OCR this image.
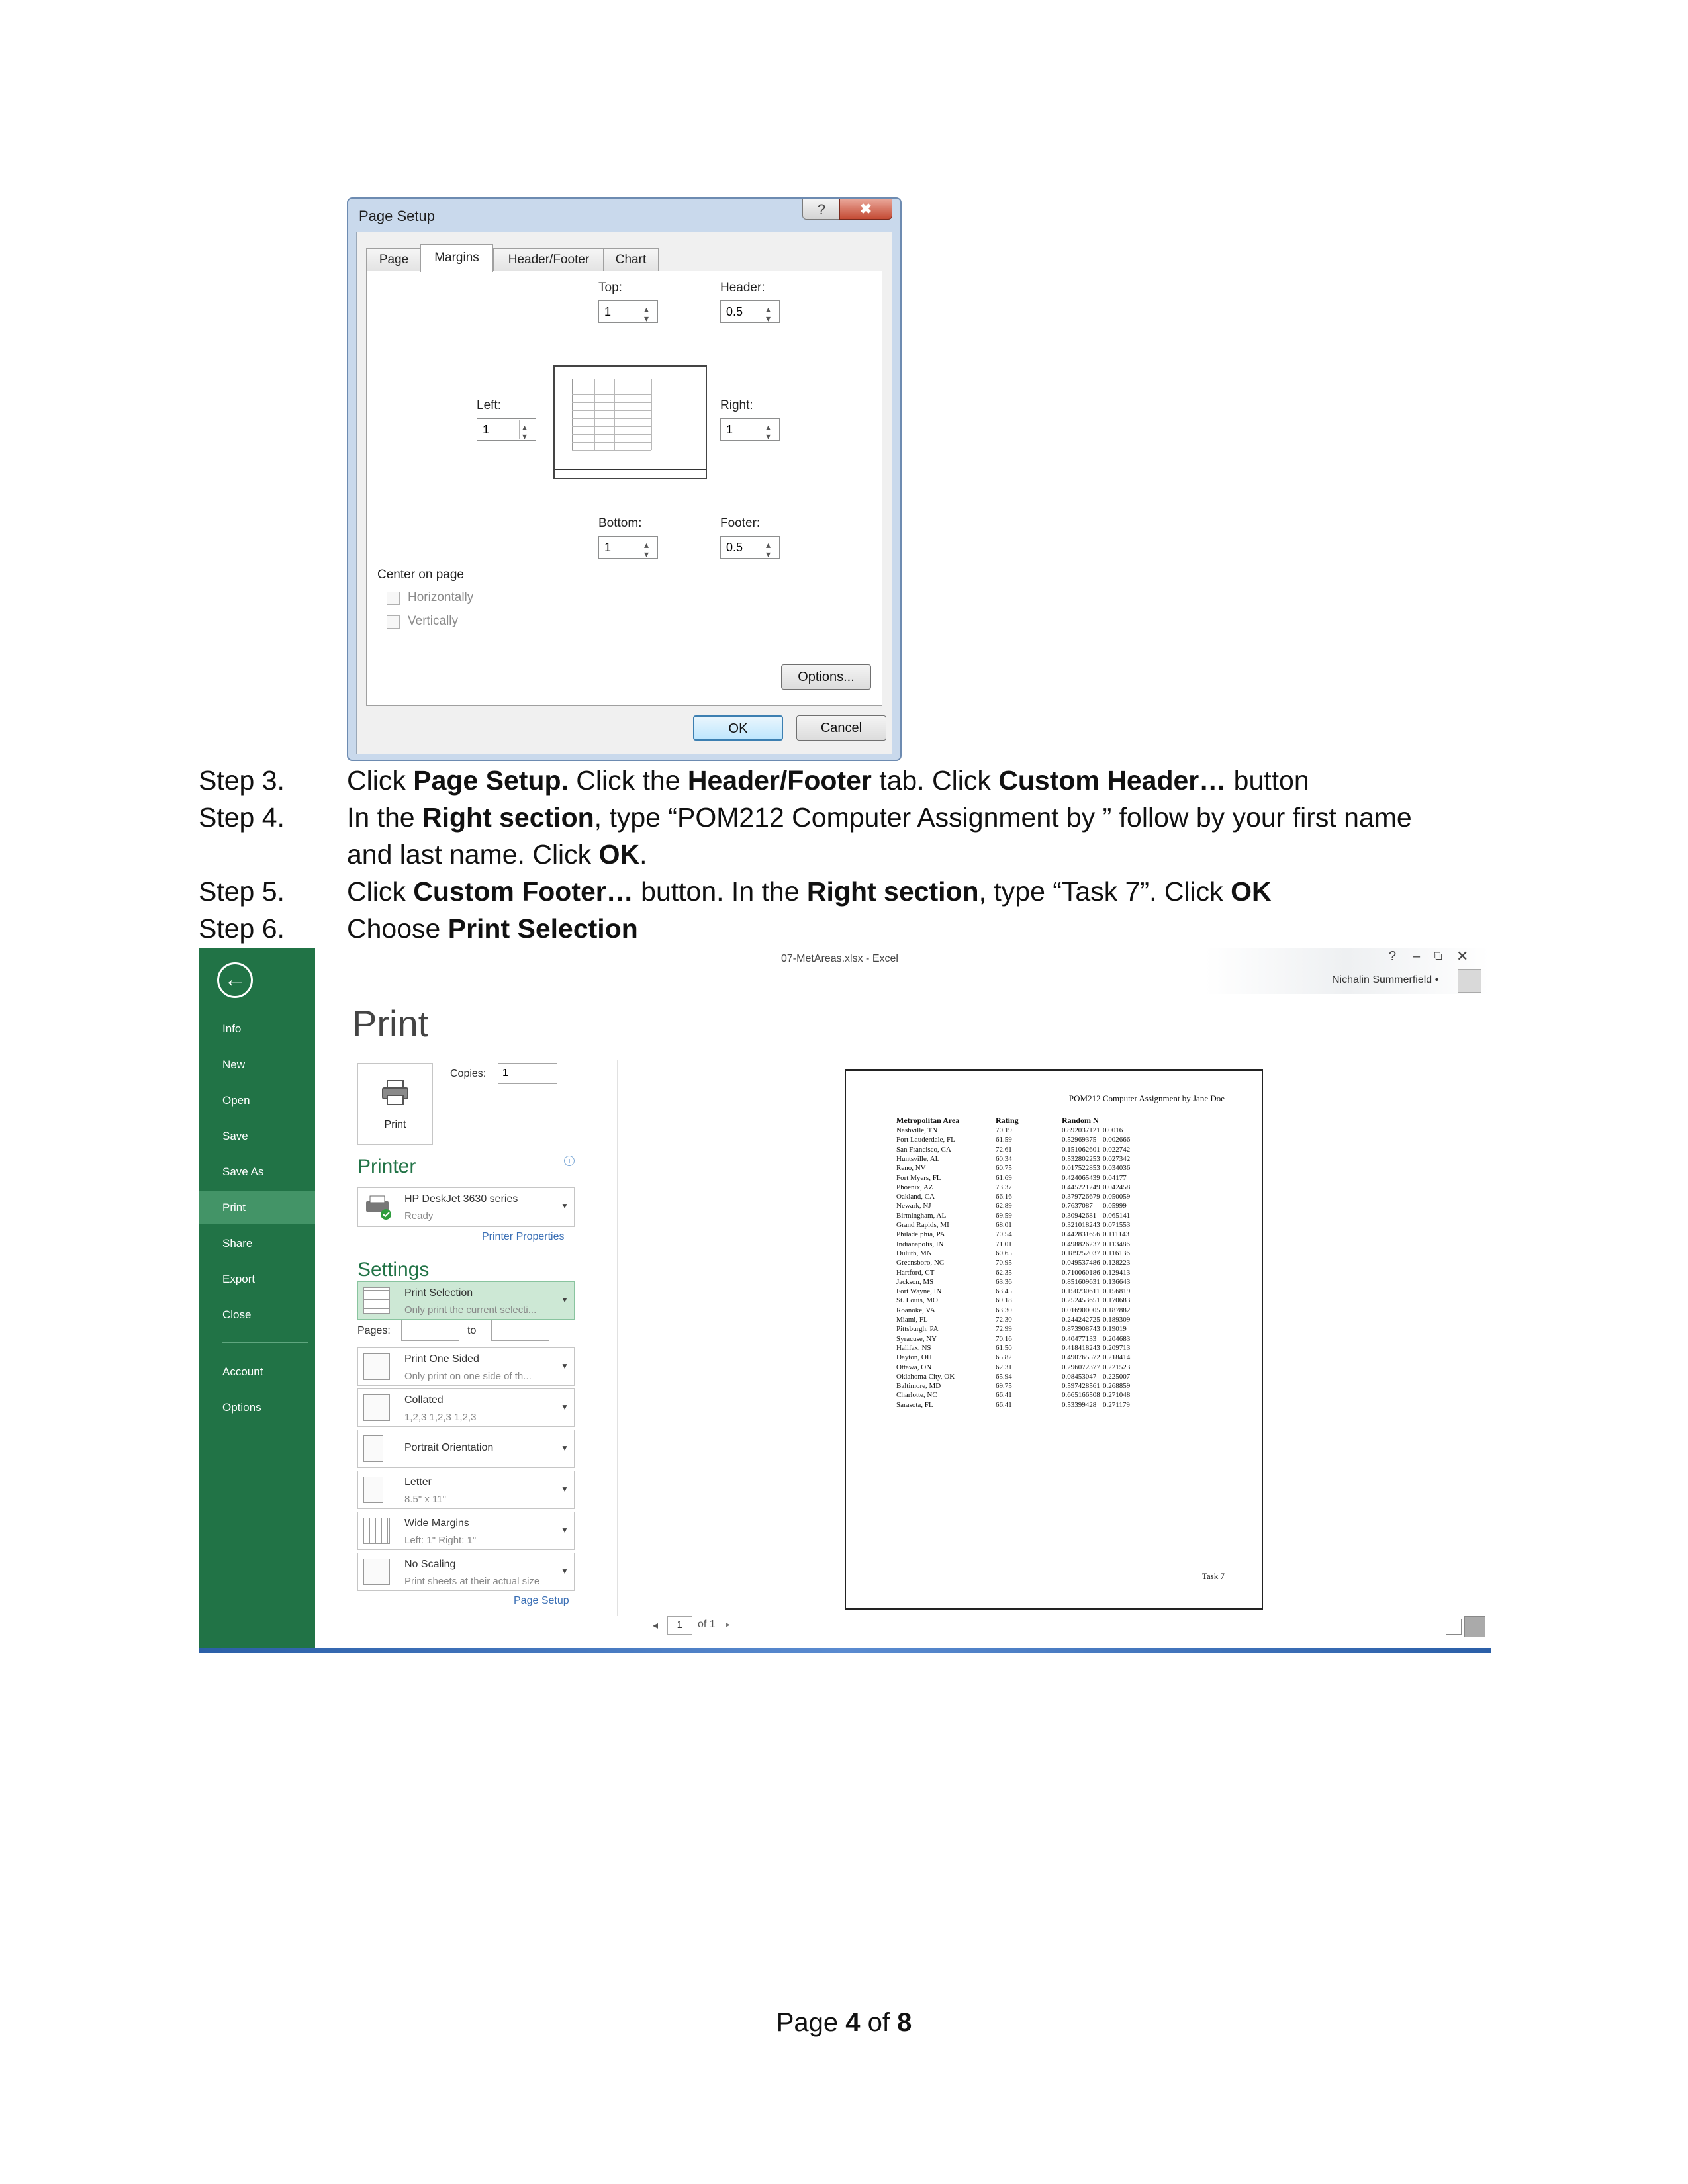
Page Setup	?	✖
Page	Margins	Header/Footer	Chart
Top:
1
▴ ▾
Header:
0.5
▴ ▾
Left:
1
▴ ▾
Right:
1
▴ ▾
Bottom:
1
▴ ▾
Footer:
0.5
▴ ▾
Center on page
Horizontally
Vertically
Options...
OK	Cancel
Step 3. Click Page Setup. Click the Header/Footer tab. Click Custom Header… button
Step 4. In the Right section, type “POM212 Computer Assignment by ” follow by your first name
and last name. Click OK.
Step 5. Click Custom Footer… button. In the Right section, type “Task 7”. Click OK
Step 6. Choose Print Selection
←
Info
New
Open
Save
Save As
Print
Share
Export
Close
Account
Options
07-MetAreas.xlsx - Excel	? – ⧉ ✕
Nichalin Summerfield •
Print
Print
Copies:	1
Printer	i
HP DeskJet 3630 series
Ready
▼
Printer Properties
Settings
Print Selection
Only print the current selecti...
▼
Pages:	to
Print One Sided
Only print on one side of th...
▼
Collated
1,2,3 1,2,3 1,2,3
▼
Portrait Orientation	▼
Letter
8.5" x 11"
▼
Wide Margins
Left: 1" Right: 1"
▼
No Scaling
Print sheets at their actual size
▼
Page Setup
POM212 Computer Assignment by Jane Doe
Metropolitan Area	Rating	Random N
Nashville, TN	70.19	0.892037121 0.0016
Fort Lauderdale, FL	61.59	0.52969375 0.002666
San Francisco, CA	72.61	0.151062601 0.022742
Huntsville, AL	60.34	0.532802253 0.027342
Reno, NV	60.75	0.017522853 0.034036
Fort Myers, FL	61.69	0.424065439 0.04177
Phoenix, AZ	73.37	0.445221249 0.042458
Oakland, CA	66.16	0.379726679 0.050059
Newark, NJ	62.89	0.7637087 0.05999
Birmingham, AL	69.59	0.30942681 0.065141
Grand Rapids, MI	68.01	0.321018243 0.071553
Philadelphia, PA	70.54	0.442831656 0.111143
Indianapolis, IN	71.01	0.498826237 0.113486
Duluth, MN	60.65	0.189252037 0.116136
Greensboro, NC	70.95	0.049537486 0.128223
Hartford, CT	62.35	0.710060186 0.129413
Jackson, MS	63.36	0.851609631 0.136643
Fort Wayne, IN	63.45	0.150230611 0.156819
St. Louis, MO	69.18	0.252453651 0.170683
Roanoke, VA	63.30	0.016900005 0.187882
Miami, FL	72.30	0.244242725 0.189309
Pittsburgh, PA	72.99	0.873908743 0.19019
Syracuse, NY	70.16	0.40477133 0.204683
Halifax, NS	61.50	0.418418243 0.209713
Dayton, OH	65.82	0.490765572 0.218414
Ottawa, ON	62.31	0.296072377 0.221523
Oklahoma City, OK	65.94	0.08453047 0.225007
Baltimore, MD	69.75	0.597428561 0.268859
Charlotte, NC	66.41	0.665166508 0.271048
Sarasota, FL	66.41	0.53399428 0.271179
Task 7
◂	1	of 1 ▸
Page 4 of 8
